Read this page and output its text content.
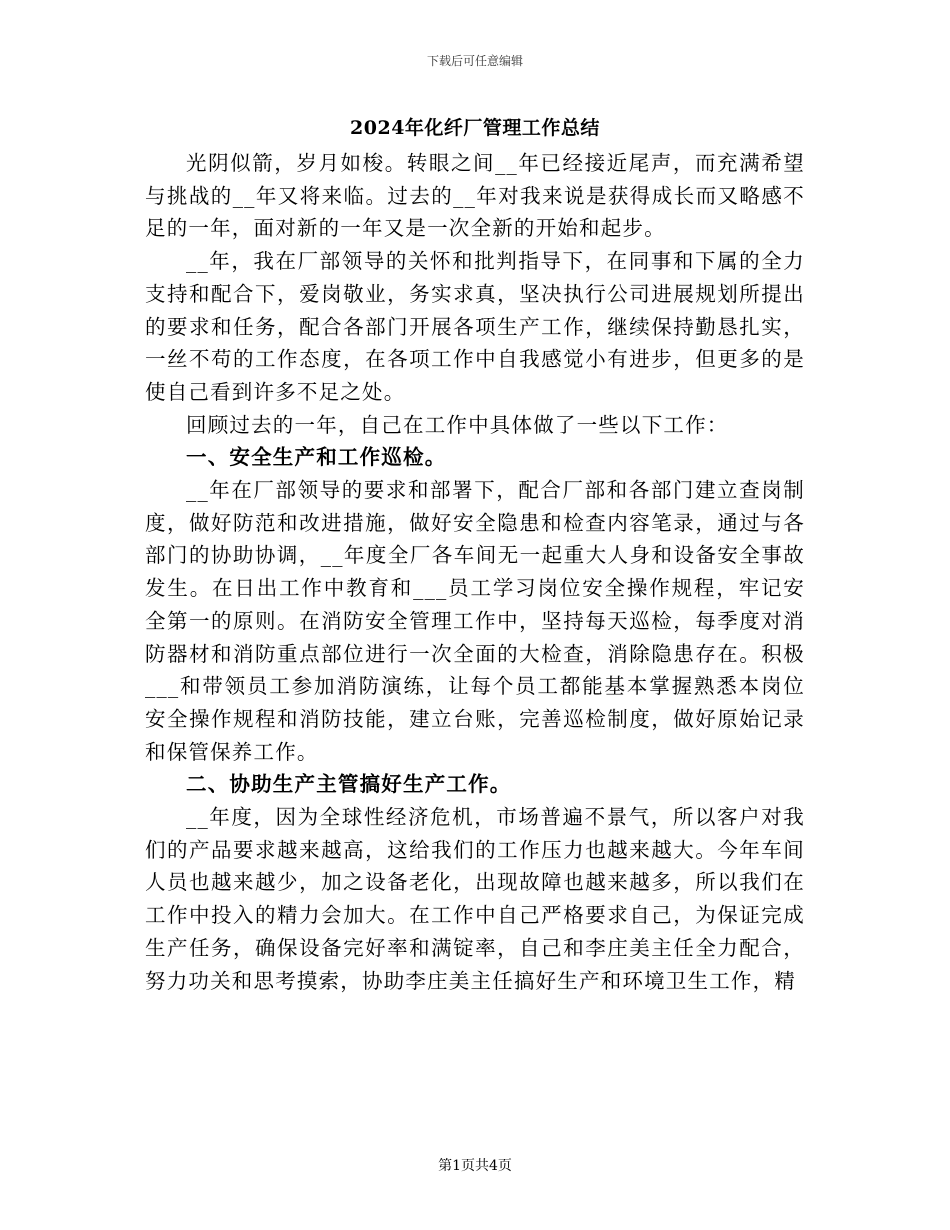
下载后可任意编辑
2024年化纤厂管理工作总结

光阴似箭，岁月如梭。转眼之间__年已经接近尾声，而充满希望与挑战的__年又将来临。过去的__年对我来说是获得成长而又略感不足的一年，面对新的一年又是一次全新的开始和起步。

__年，我在厂部领导的关怀和批判指导下，在同事和下属的全力支持和配合下，爱岗敬业，务实求真，坚决执行公司进展规划所提出的要求和任务，配合各部门开展各项生产工作，继续保持勤恳扎实，一丝不苟的工作态度，在各项工作中自我感觉小有进步，但更多的是使自己看到许多不足之处。

回顾过去的一年，自己在工作中具体做了一些以下工作：

一、安全生产和工作巡检。

__年在厂部领导的要求和部署下，配合厂部和各部门建立查岗制度，做好防范和改进措施，做好安全隐患和检查内容笔录，通过与各部门的协助协调，__年度全厂各车间无一起重大人身和设备安全事故发生。在日出工作中教育和___员工学习岗位安全操作规程，牢记安全第一的原则。在消防安全管理工作中，坚持每天巡检，每季度对消防器材和消防重点部位进行一次全面的大检查，消除隐患存在。积极___和带领员工参加消防演练，让每个员工都能基本掌握熟悉本岗位安全操作规程和消防技能，建立台账，完善巡检制度，做好原始记录和保管保养工作。

二、协助生产主管搞好生产工作。

__年度，因为全球性经济危机，市场普遍不景气，所以客户对我们的产品要求越来越高，这给我们的工作压力也越来越大。今年车间人员也越来越少，加之设备老化，出现故障也越来越多，所以我们在工作中投入的精力会加大。在工作中自己严格要求自己，为保证完成生产任务，确保设备完好率和满锭率，自己和李庄美主任全力配合，努力功关和思考摸索，协助李庄美主任搞好生产和环境卫生工作，精

第1页共4页
